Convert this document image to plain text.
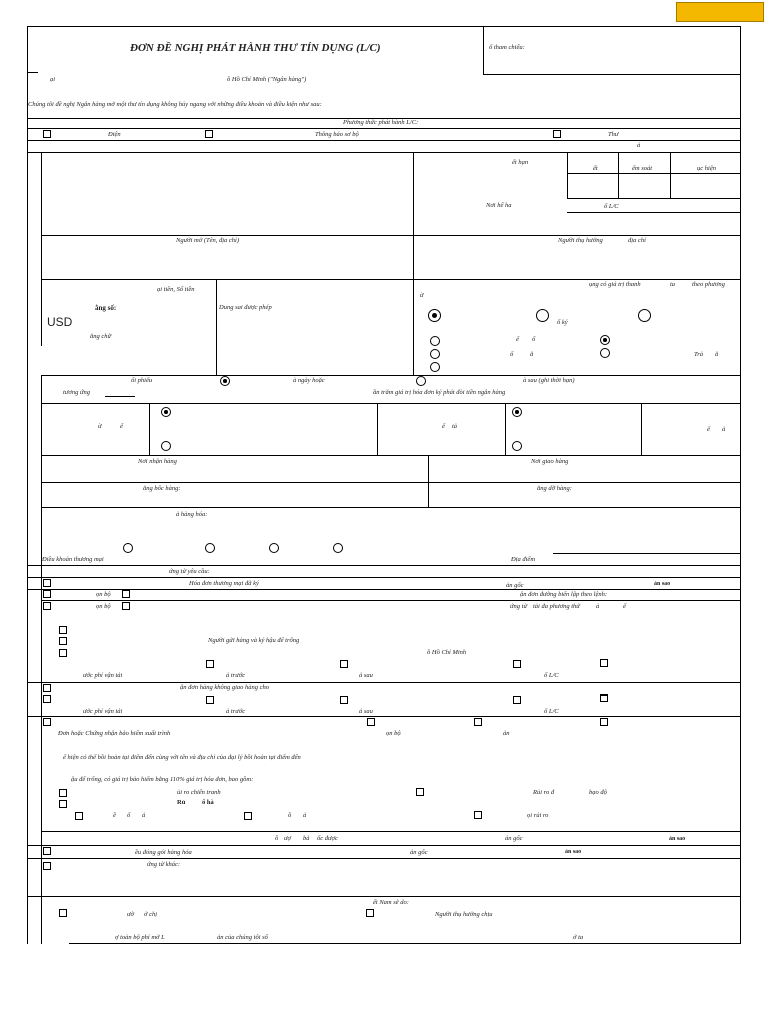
ĐƠN ĐỀ NGHỊ PHÁT HÀNH THƯ TÍN DỤNG (L/C)	ố tham chiếu:
ại	ồ Hồ Chí Minh ("Ngân hàng")
Chúng tôi đề nghị Ngân hàng mở một thư tín dụng không hủy ngang với những điều khoản và điều kiện như sau:
Phương thức phát hành L/C:
Điện	Thông báo sơ bộ	Thư
ả
ết hạn
ết	ểm soát	ục hiện
Nơi hế ha	ố L/C
Người mở (Tên, địa chỉ)	Người thụ hưởng	địa chỉ
ại tiền, Số tiền
ằng số:
USD
ằng chữ
Dung sai được phép
ụng có giá trị thanh	ta	theo phương
ừ
ố ký
ể ố
ố	ă	Trả ă
ối phiếu	à ngày hoặc	à sau (ghi thời hạn)
tương ứng	ần trăm giá trị hóa đơn ký phát đòi tiền ngân hàng
ừ	ể	ể tả	ể ả
Nơi nhận hàng	Nơi giao hàng
ằng bốc hàng:	ằng dỡ hàng:
ả hàng hóa:
Điều khoản thương mại	Địa điểm
ứng từ yêu cầu:
Hóa đơn thương mại đã ký	ản gốc	ản sao
ọn bộ	ận đơn đường biển lập theo lệnh:
ọn bộ	ứng từ tải đa phương thứ ả	ế
Người gửi hàng và ký hậu để trống
ồ Hồ Chí Minh
ước phí vận tải	ả trước	ả sau	ố L/C
ận đơn hàng không giao hàng cho
ước phí vận tải	ả trước	ả sau	ố L/C
Đơn hoặc Chứng nhận bảo hiểm xuất trình	ọn bộ	ản
ể hiện có thể bồi hoàn tại điểm đến cùng với tên và địa chỉ của đại lý bồi hoàn tại điểm đến
ậu để trống, có giá trị bảo hiểm bằng 110% giá trị hóa đơn, bao gồm:
ủi ro chiến tranh	Rủi ro đ	bạo độ
Rủ	ổ hà
ề ố ả	ồ ả	ọi rủi ro
ồ ượ bả ốc được	ản gốc	ản sao
ều đóng gói hàng hóa	ản gốc	ản sao
ứng từ khác:
ết Nam sẽ do:
ườ ở chị	Người thụ hưởng chịu
ợ toàn bộ phí mở L	ản của chúng tôi số	ở ta
